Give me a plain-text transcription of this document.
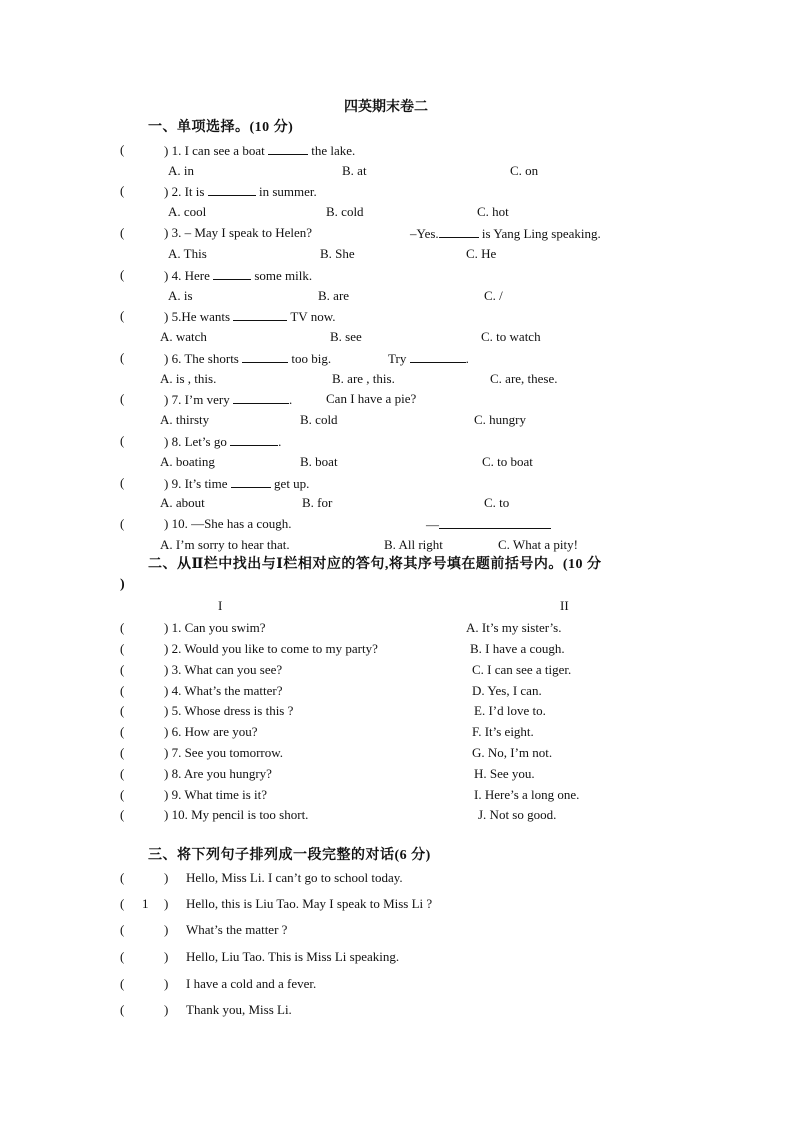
四英期末卷二
一、单项选择。(10 分)
(	) 1. I can see a boat	the lake.
A. in	B. at	C. on
(	) 2. It is	in summer.
A. cool	B. cold	C. hot
(	) 3. – May I speak to Helen?	–Yes.	is Yang Ling speaking.
A. This	B. She	C. He
(	) 4. Here	some milk.
A. is	B. are	C. /
(	) 5.He wants	TV now.
A. watch	B. see	C. to watch
(	) 6. The shorts	too big.	Try	.
A. is , this.	B. are , this.	C. are, these.
(	) 7. I’m very	.	Can I have a pie?
A. thirsty	B. cold	C. hungry
(	) 8. Let’s go	.
A. boating	B. boat	C. to boat
(	) 9. It’s time	get up.
A. about	B. for	C. to
(	) 10. —She has a cough.	—
A. I’m sorry to hear that.	B. All right	C. What a pity!
二、从Ⅱ栏中找出与Ⅰ栏相对应的答句,将其序号填在题前括号内。(10 分
)
I	II
(	) 1. Can you swim?	A. It’s my sister’s.
(	) 2. Would you like to come to my party?	B. I have a cough.
(	) 3. What can you see?	C. I can see a tiger.
(	) 4. What’s the matter?	D. Yes, I can.
(	) 5. Whose dress is this ?	E. I’d love to.
(	) 6. How are you?	F. It’s eight.
(	) 7. See you tomorrow.	G. No, I’m not.
(	) 8. Are you hungry?	H. See you.
(	) 9. What time is it?	I. Here’s a long one.
(	) 10. My pencil is too short.	J. Not so good.
三、将下列句子排列成一段完整的对话(6 分)
(	) Hello, Miss Li. I can’t go to school today.
( 1 ) Hello, this is Liu Tao. May I speak to Miss Li ?
(	) What’s the matter ?
(	) Hello, Liu Tao. This is Miss Li speaking.
(	) I have a cold and a fever.
(	) Thank you, Miss Li.
